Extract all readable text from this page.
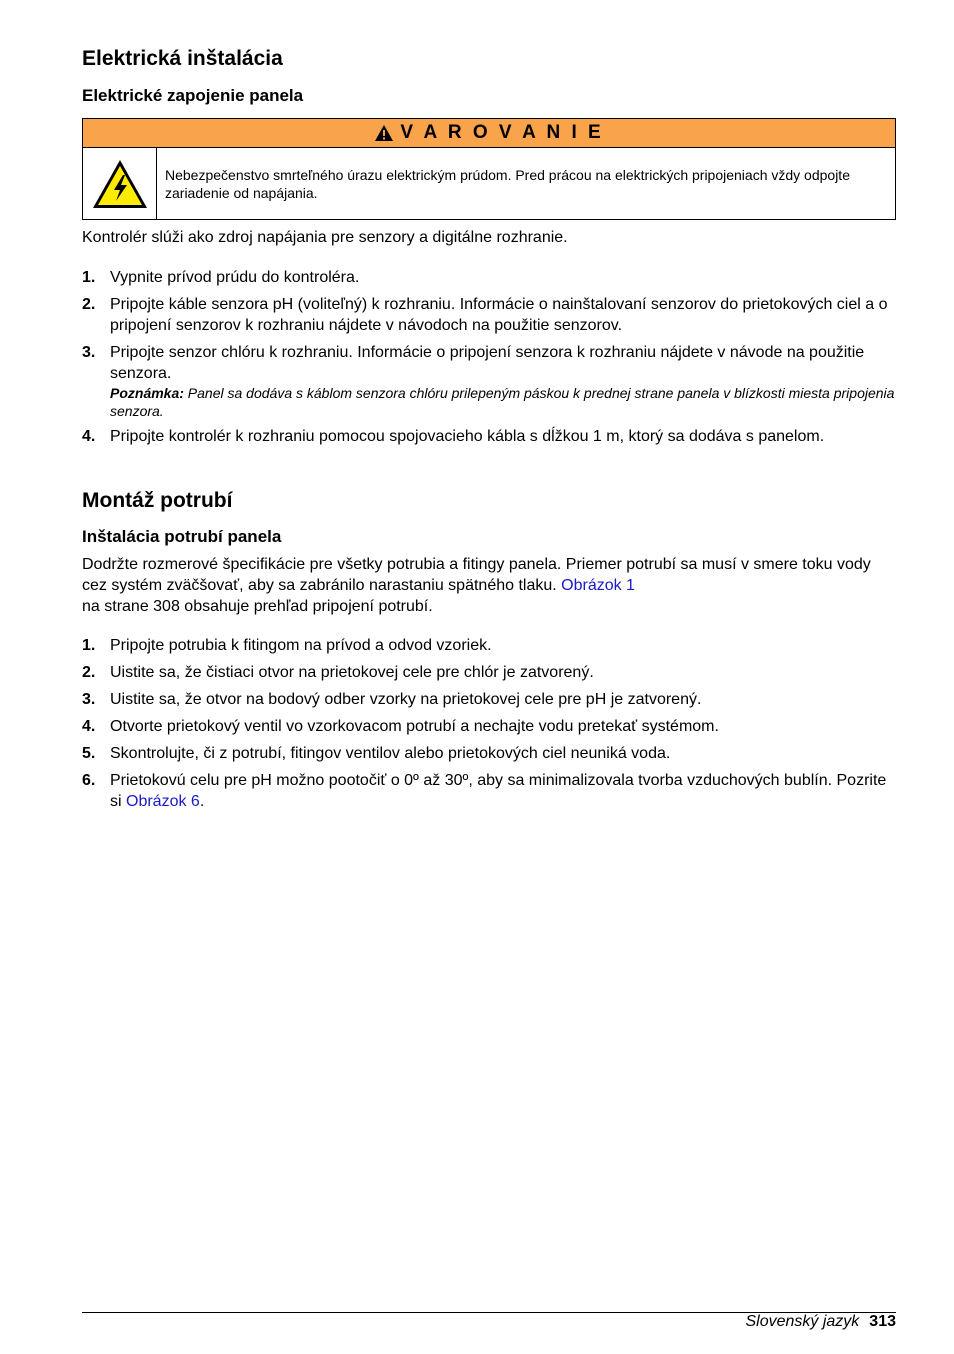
Elektrická inštalácia
Elektrické zapojenie panela
V A R O V A N I E
Nebezpečenstvo smrteľného úrazu elektrickým prúdom. Pred prácou na elektrických pripojeniach vždy odpojte zariadenie od napájania.
Kontrolér slúži ako zdroj napájania pre senzory a digitálne rozhranie.
1. Vypnite prívod prúdu do kontroléra.
2. Pripojte káble senzora pH (voliteľný) k rozhraniu. Informácie o nainštalovaní senzorov do prietokových ciel a o pripojení senzorov k rozhraniu nájdete v návodoch na použitie senzorov.
3. Pripojte senzor chlóru k rozhraniu. Informácie o pripojení senzora k rozhraniu nájdete v návode na použitie senzora.
Poznámka: Panel sa dodáva s káblom senzora chlóru prilepeným páskou k prednej strane panela v blízkosti miesta pripojenia senzora.
4. Pripojte kontrolér k rozhraniu pomocou spojovacieho kábla s dĺžkou 1 m, ktorý sa dodáva s panelom.
Montáž potrubí
Inštalácia potrubí panela
Dodržte rozmerové špecifikácie pre všetky potrubia a fitingy panela. Priemer potrubí sa musí v smere toku vody cez systém zväčšovať, aby sa zabránilo narastaniu spätného tlaku. Obrázok 1
na strane 308 obsahuje prehľad pripojení potrubí.
1. Pripojte potrubia k fitingom na prívod a odvod vzoriek.
2. Uistite sa, že čistiaci otvor na prietokovej cele pre chlór je zatvorený.
3. Uistite sa, že otvor na bodový odber vzorky na prietokovej cele pre pH je zatvorený.
4. Otvorte prietokový ventil vo vzorkovacom potrubí a nechajte vodu pretekať systémom.
5. Skontrolujte, či z potrubí, fitingov ventilov alebo prietokových ciel neuniká voda.
6. Prietokovú celu pre pH možno pootočiť o 0º až 30º, aby sa minimalizovala tvorba vzduchových bublín. Pozrite si Obrázok 6.
Slovenský jazyk 313
